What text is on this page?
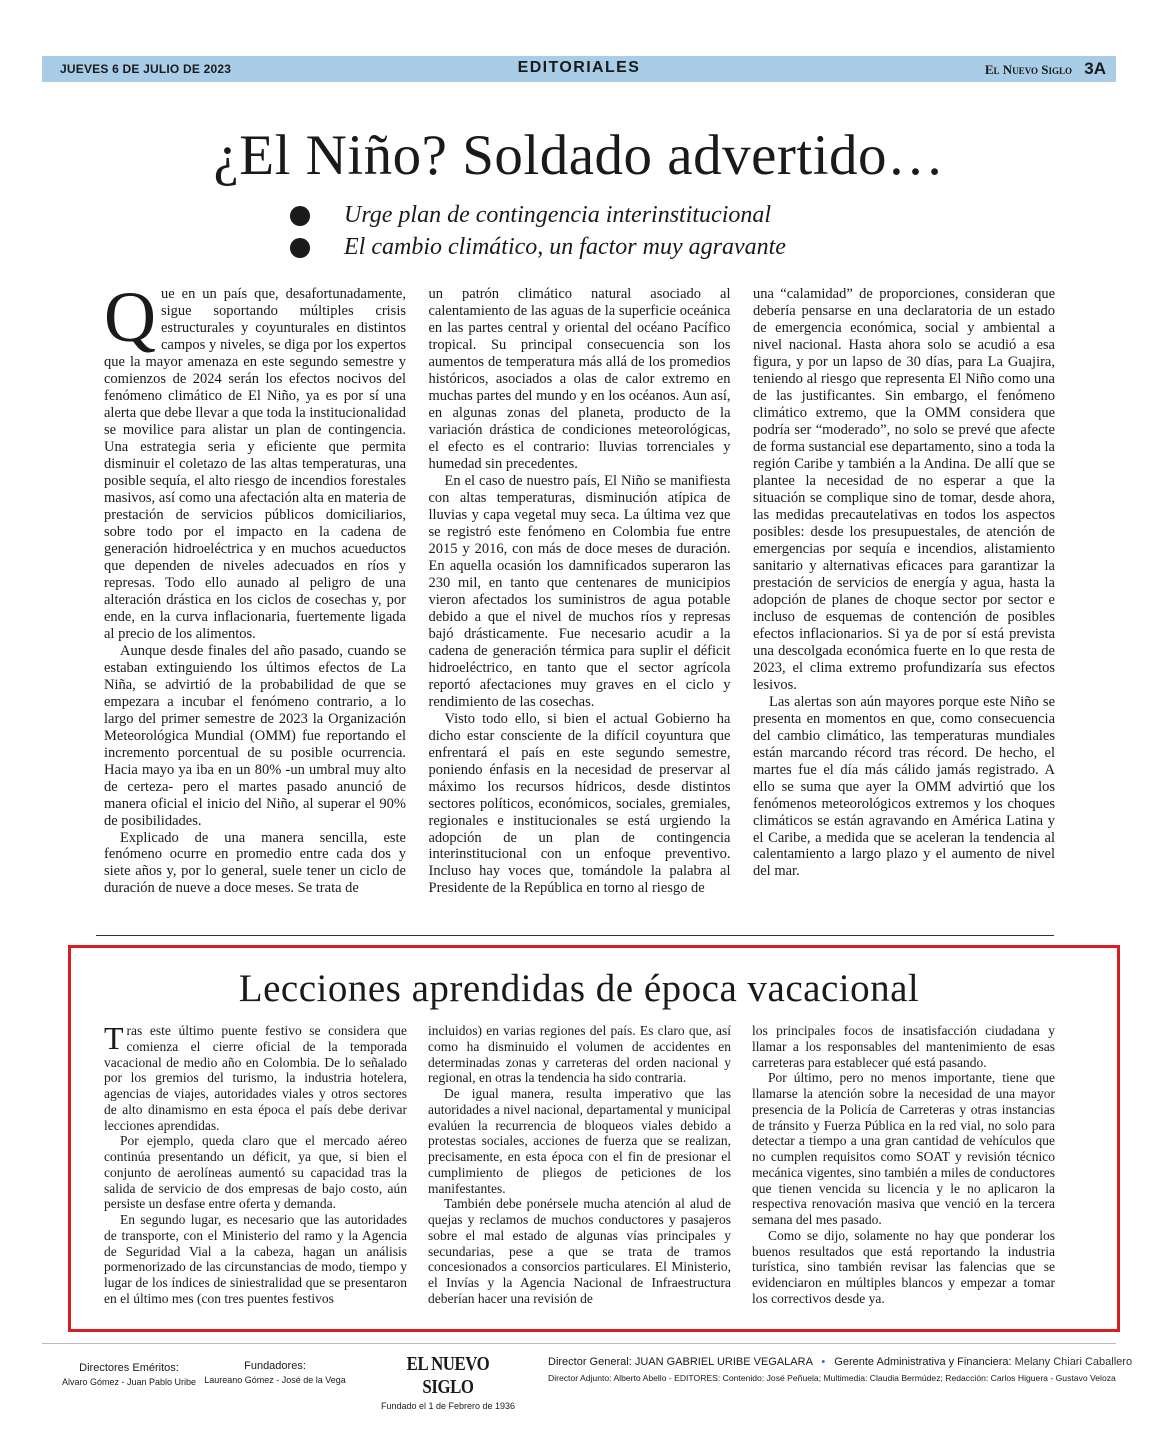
JUEVES 6 DE JULIO DE 2023	EDITORIALES	El Nuevo Siglo 3A
¿El Niño? Soldado advertido…
Urge plan de contingencia interinstitucional
El cambio climático, un factor muy agravante

Que en un país que, desafortunadamente, sigue soportando múltiples crisis estructurales y coyunturales en distintos campos y niveles, se diga por los expertos que la mayor amenaza en este segundo semestre y comienzos de 2024 serán los efectos nocivos del fenómeno climático de El Niño, ya es por sí una alerta que debe llevar a que toda la institucionalidad se movilice para alistar un plan de contingencia. Una estrategia seria y eficiente que permita disminuir el coletazo de las altas temperaturas, una posible sequía, el alto riesgo de incendios forestales masivos, así como una afectación alta en materia de prestación de servicios públicos domiciliarios, sobre todo por el impacto en la cadena de generación hidroeléctrica y en muchos acueductos que dependen de niveles adecuados en ríos y represas. Todo ello aunado al peligro de una alteración drástica en los ciclos de cosechas y, por ende, en la curva inflacionaria, fuertemente ligada al precio de los alimentos.

Aunque desde finales del año pasado, cuando se estaban extinguiendo los últimos efectos de La Niña, se advirtió de la probabilidad de que se empezara a incubar el fenómeno contrario, a lo largo del primer semestre de 2023 la Organización Meteorológica Mundial (OMM) fue reportando el incremento porcentual de su posible ocurrencia. Hacia mayo ya iba en un 80% -un umbral muy alto de certeza- pero el martes pasado anunció de manera oficial el inicio del Niño, al superar el 90% de posibilidades.

Explicado de una manera sencilla, este fenómeno ocurre en promedio entre cada dos y siete años y, por lo general, suele tener un ciclo de duración de nueve a doce meses. Se trata de

un patrón climático natural asociado al calentamiento de las aguas de la superficie oceánica en las partes central y oriental del océano Pacífico tropical. Su principal consecuencia son los aumentos de temperatura más allá de los promedios históricos, asociados a olas de calor extremo en muchas partes del mundo y en los océanos. Aun así, en algunas zonas del planeta, producto de la variación drástica de condiciones meteorológicas, el efecto es el contrario: lluvias torrenciales y humedad sin precedentes.

En el caso de nuestro país, El Niño se manifiesta con altas temperaturas, disminución atípica de lluvias y capa vegetal muy seca. La última vez que se registró este fenómeno en Colombia fue entre 2015 y 2016, con más de doce meses de duración. En aquella ocasión los damnificados superaron las 230 mil, en tanto que centenares de municipios vieron afectados los suministros de agua potable debido a que el nivel de muchos ríos y represas bajó drásticamente. Fue necesario acudir a la cadena de generación térmica para suplir el déficit hidroeléctrico, en tanto que el sector agrícola reportó afectaciones muy graves en el ciclo y rendimiento de las cosechas.

Visto todo ello, si bien el actual Gobierno ha dicho estar consciente de la difícil coyuntura que enfrentará el país en este segundo semestre, poniendo énfasis en la necesidad de preservar al máximo los recursos hídricos, desde distintos sectores políticos, económicos, sociales, gremiales, regionales e institucionales se está urgiendo la adopción de un plan de contingencia interinstitucional con un enfoque preventivo. Incluso hay voces que, tomándole la palabra al Presidente de la República en torno al riesgo de

una “calamidad” de proporciones, consideran que debería pensarse en una declaratoria de un estado de emergencia económica, social y ambiental a nivel nacional. Hasta ahora solo se acudió a esa figura, y por un lapso de 30 días, para La Guajira, teniendo al riesgo que representa El Niño como una de las justificantes. Sin embargo, el fenómeno climático extremo, que la OMM considera que podría ser “moderado”, no solo se prevé que afecte de forma sustancial ese departamento, sino a toda la región Caribe y también a la Andina. De allí que se plantee la necesidad de no esperar a que la situación se complique sino de tomar, desde ahora, las medidas precautelativas en todos los aspectos posibles: desde los presupuestales, de atención de emergencias por sequía e incendios, alistamiento sanitario y alternativas eficaces para garantizar la prestación de servicios de energía y agua, hasta la adopción de planes de choque sector por sector e incluso de esquemas de contención de posibles efectos inflacionarios. Si ya de por sí está prevista una descolgada económica fuerte en lo que resta de 2023, el clima extremo profundizaría sus efectos lesivos.

Las alertas son aún mayores porque este Niño se presenta en momentos en que, como consecuencia del cambio climático, las temperaturas mundiales están marcando récord tras récord. De hecho, el martes fue el día más cálido jamás registrado. A ello se suma que ayer la OMM advirtió que los fenómenos meteorológicos extremos y los choques climáticos se están agravando en América Latina y el Caribe, a medida que se aceleran la tendencia al calentamiento a largo plazo y el aumento de nivel del mar.

Lecciones aprendidas de época vacacional

Tras este último puente festivo se considera que comienza el cierre oficial de la temporada vacacional de medio año en Colombia. De lo señalado por los gremios del turismo, la industria hotelera, agencias de viajes, autoridades viales y otros sectores de alto dinamismo en esta época el país debe derivar lecciones aprendidas.

Por ejemplo, queda claro que el mercado aéreo continúa presentando un déficit, ya que, si bien el conjunto de aerolíneas aumentó su capacidad tras la salida de servicio de dos empresas de bajo costo, aún persiste un desfase entre oferta y demanda.

En segundo lugar, es necesario que las autoridades de transporte, con el Ministerio del ramo y la Agencia de Seguridad Vial a la cabeza, hagan un análisis pormenorizado de las circunstancias de modo, tiempo y lugar de los índices de siniestralidad que se presentaron en el último mes (con tres puentes festivos

incluidos) en varias regiones del país. Es claro que, así como ha disminuido el volumen de accidentes en determinadas zonas y carreteras del orden nacional y regional, en otras la tendencia ha sido contraria.

De igual manera, resulta imperativo que las autoridades a nivel nacional, departamental y municipal evalúen la recurrencia de bloqueos viales debido a protestas sociales, acciones de fuerza que se realizan, precisamente, en esta época con el fin de presionar el cumplimiento de pliegos de peticiones de los manifestantes.

También debe ponérsele mucha atención al alud de quejas y reclamos de muchos conductores y pasajeros sobre el mal estado de algunas vías principales y secundarias, pese a que se trata de tramos concesionados a consorcios particulares. El Ministerio, el Invías y la Agencia Nacional de Infraestructura deberían hacer una revisión de

los principales focos de insatisfacción ciudadana y llamar a los responsables del mantenimiento de esas carreteras para establecer qué está pasando.

Por último, pero no menos importante, tiene que llamarse la atención sobre la necesidad de una mayor presencia de la Policía de Carreteras y otras instancias de tránsito y Fuerza Pública en la red vial, no solo para detectar a tiempo a una gran cantidad de vehículos que no cumplen requisitos como SOAT y revisión técnico mecánica vigentes, sino también a miles de conductores que tienen vencida su licencia y le no aplicaron la respectiva renovación masiva que venció en la tercera semana del mes pasado.

Como se dijo, solamente no hay que ponderar los buenos resultados que está reportando la industria turística, sino también revisar las falencias que se evidenciaron en múltiples blancos y empezar a tomar los correctivos desde ya.

Directores Eméritos:
Alvaro Gómez - Juan Pablo Uribe
Fundadores:
Laureano Gómez - José de la Vega
EL NUEVO SIGLO
Fundado el 1 de Febrero de 1936
Director General: JUAN GABRIEL URIBE VEGALARA • Gerente Administrativa y Financiera: Melany Chiari Caballero
Director Adjunto: Alberto Abello - EDITORES: Contenido: José Peñuela; Multimedia: Claudia Bermúdez; Redacción: Carlos Higuera - Gustavo Veloza
